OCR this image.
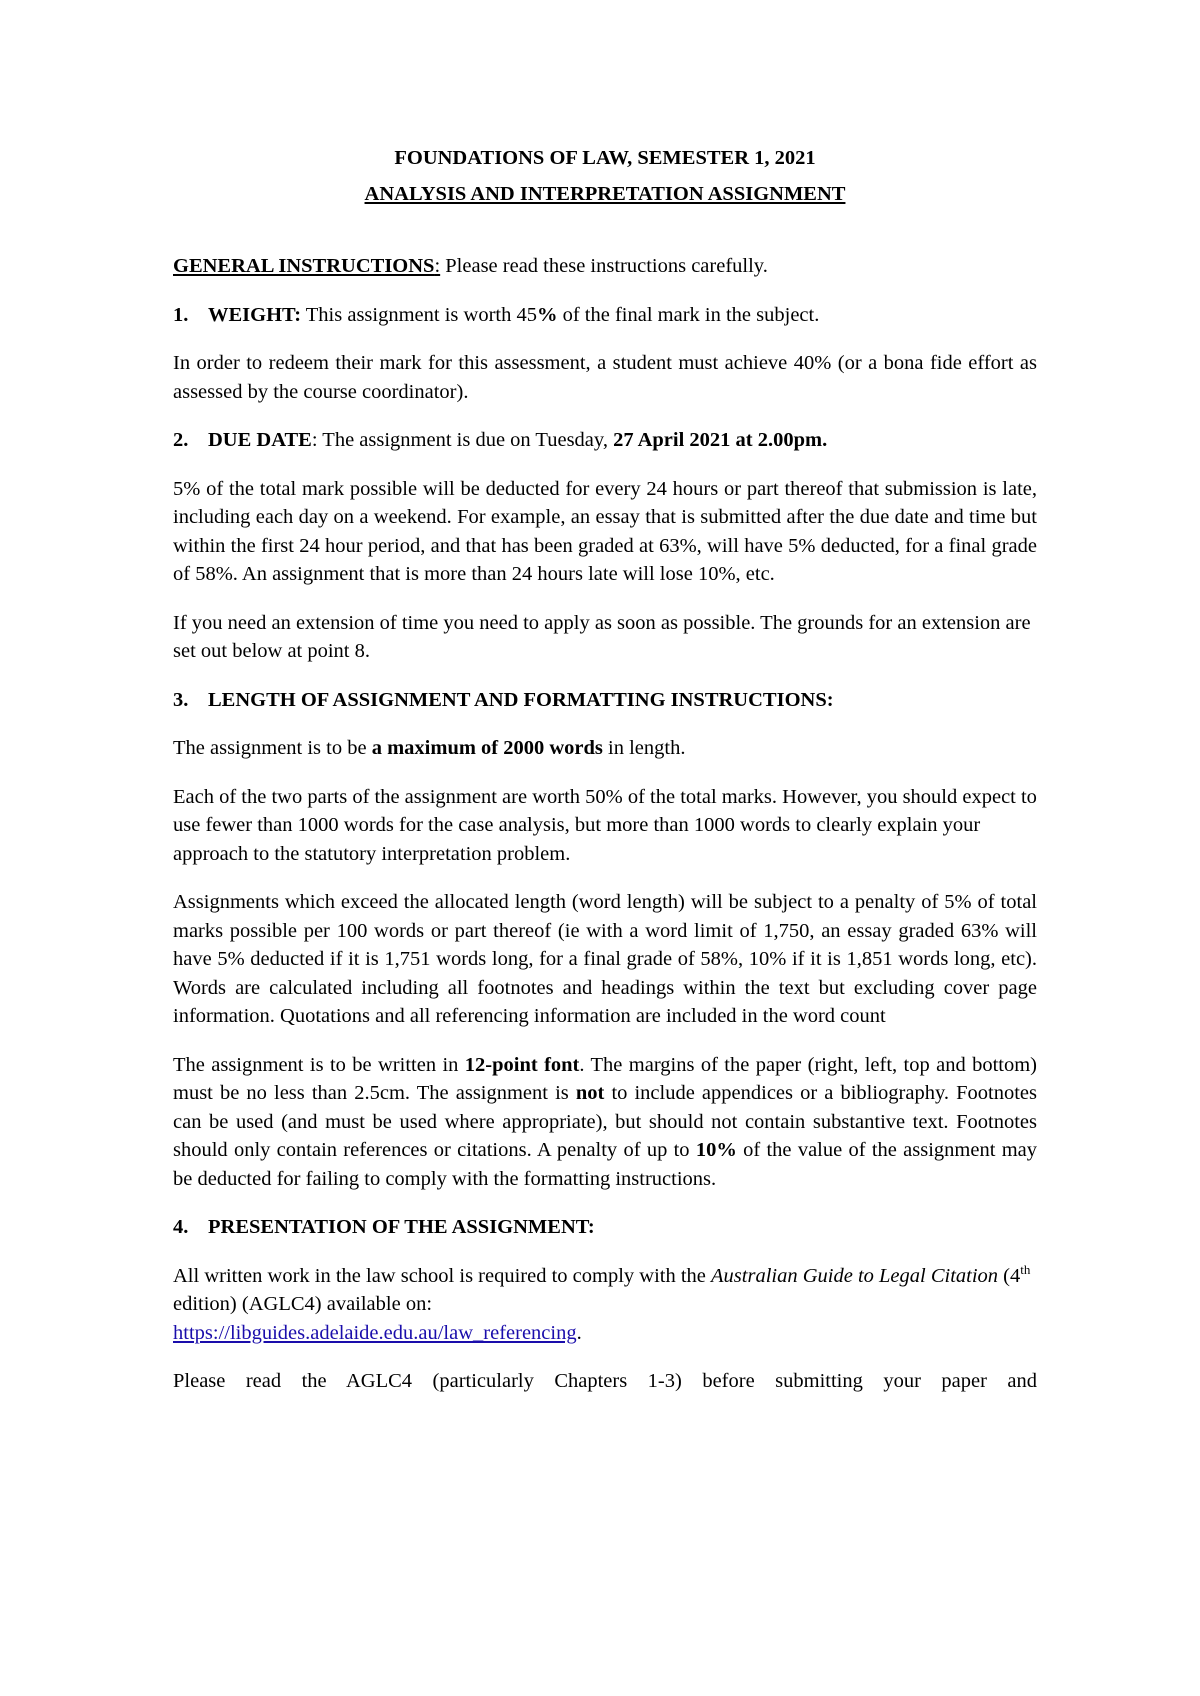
FOUNDATIONS OF LAW, SEMESTER 1, 2021

ANALYSIS AND INTERPRETATION ASSIGNMENT

GENERAL INSTRUCTIONS: Please read these instructions carefully.

1. WEIGHT: This assignment is worth 45% of the final mark in the subject.

In order to redeem their mark for this assessment, a student must achieve 40% (or a bona fide effort as assessed by the course coordinator).

2. DUE DATE: The assignment is due on Tuesday, 27 April 2021 at 2.00pm.

5% of the total mark possible will be deducted for every 24 hours or part thereof that submission is late, including each day on a weekend. For example, an essay that is submitted after the due date and time but within the first 24 hour period, and that has been graded at 63%, will have 5% deducted, for a final grade of 58%. An assignment that is more than 24 hours late will lose 10%, etc.

If you need an extension of time you need to apply as soon as possible. The grounds for an extension are set out below at point 8.

3. LENGTH OF ASSIGNMENT AND FORMATTING INSTRUCTIONS:

The assignment is to be a maximum of 2000 words in length.

Each of the two parts of the assignment are worth 50% of the total marks. However, you should expect to use fewer than 1000 words for the case analysis, but more than 1000 words to clearly explain your approach to the statutory interpretation problem.

Assignments which exceed the allocated length (word length) will be subject to a penalty of 5% of total marks possible per 100 words or part thereof (ie with a word limit of 1,750, an essay graded 63% will have 5% deducted if it is 1,751 words long, for a final grade of 58%, 10% if it is 1,851 words long, etc). Words are calculated including all footnotes and headings within the text but excluding cover page information. Quotations and all referencing information are included in the word count

The assignment is to be written in 12-point font. The margins of the paper (right, left, top and bottom) must be no less than 2.5cm. The assignment is not to include appendices or a bibliography. Footnotes can be used (and must be used where appropriate), but should not contain substantive text. Footnotes should only contain references or citations. A penalty of up to 10% of the value of the assignment may be deducted for failing to comply with the formatting instructions.

4. PRESENTATION OF THE ASSIGNMENT:

All written work in the law school is required to comply with the Australian Guide to Legal Citation (4th edition) (AGLC4) available on:
https://libguides.adelaide.edu.au/law_referencing.

Please read the AGLC4 (particularly Chapters 1-3) before submitting your paper and
